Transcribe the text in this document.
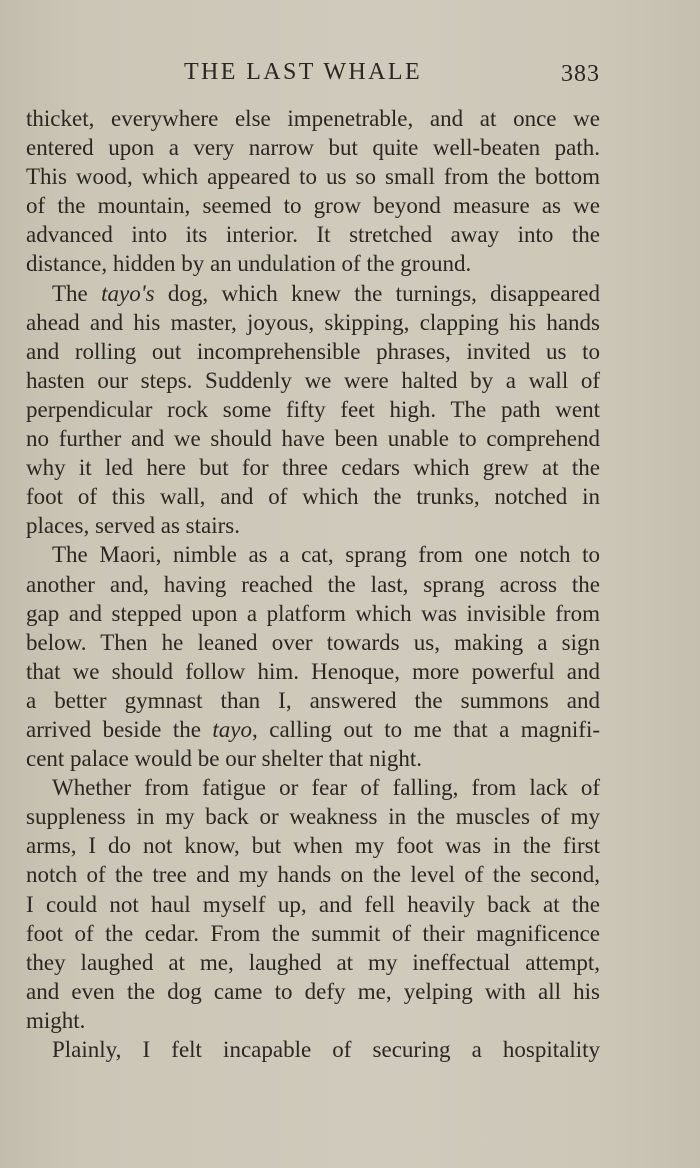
THE LAST WHALE	383
thicket, everywhere else impenetrable, and at once we
entered upon a very narrow but quite well-beaten path.
This wood, which appeared to us so small from the bottom
of the mountain, seemed to grow beyond measure as we
advanced into its interior. It stretched away into the
distance, hidden by an undulation of the ground.
The tayo's dog, which knew the turnings, disappeared
ahead and his master, joyous, skipping, clapping his hands
and rolling out incomprehensible phrases, invited us to
hasten our steps. Suddenly we were halted by a wall of
perpendicular rock some fifty feet high. The path went
no further and we should have been unable to comprehend
why it led here but for three cedars which grew at the
foot of this wall, and of which the trunks, notched in
places, served as stairs.
The Maori, nimble as a cat, sprang from one notch to
another and, having reached the last, sprang across the
gap and stepped upon a platform which was invisible from
below. Then he leaned over towards us, making a sign
that we should follow him. Henoque, more powerful and
a better gymnast than I, answered the summons and
arrived beside the tayo, calling out to me that a magnifi-
cent palace would be our shelter that night.
Whether from fatigue or fear of falling, from lack of
suppleness in my back or weakness in the muscles of my
arms, I do not know, but when my foot was in the first
notch of the tree and my hands on the level of the second,
I could not haul myself up, and fell heavily back at the
foot of the cedar. From the summit of their magnificence
they laughed at me, laughed at my ineffectual attempt,
and even the dog came to defy me, yelping with all his
might.
Plainly, I felt incapable of securing a hospitality
